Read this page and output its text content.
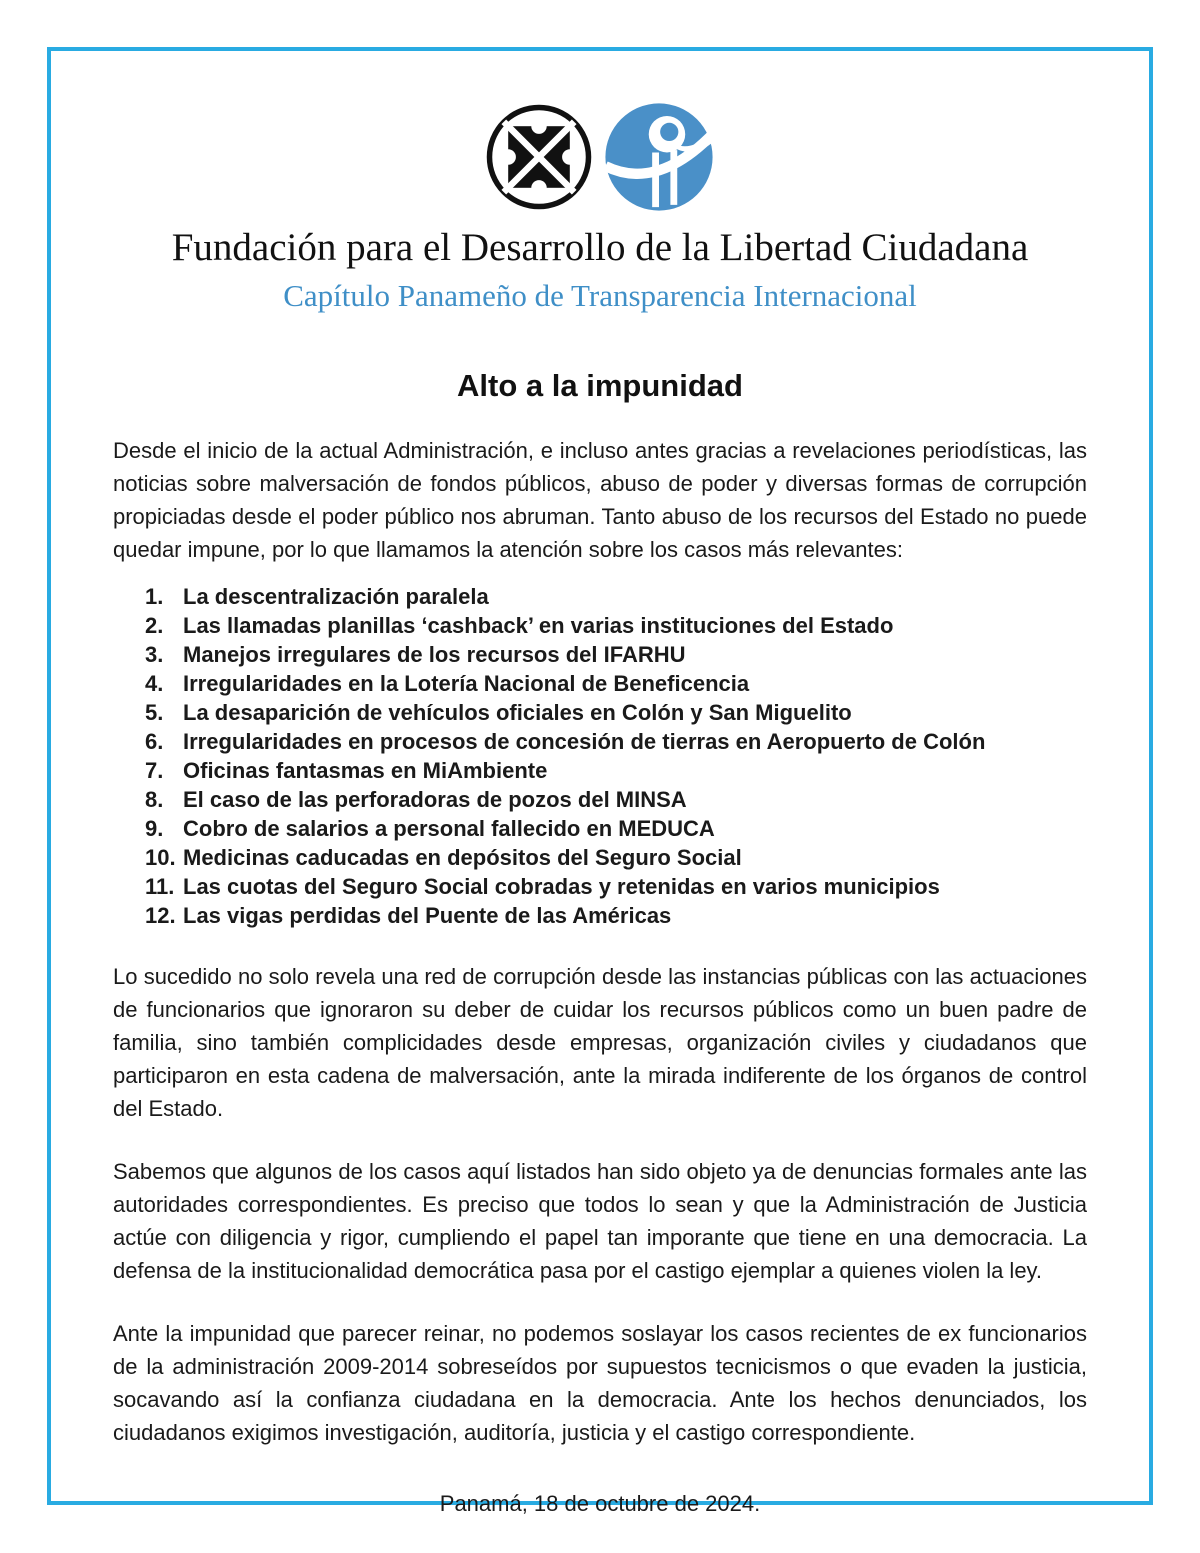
Fundación para el Desarrollo de la Libertad Ciudadana
Capítulo Panameño de Transparencia Internacional
Alto a la impunidad

Desde el inicio de la actual Administración, e incluso antes gracias a revelaciones periodísticas, las noticias sobre malversación de fondos públicos, abuso de poder y diversas formas de corrupción propiciadas desde el poder público nos abruman. Tanto abuso de los recursos del Estado no puede quedar impune, por lo que llamamos la atención sobre los casos más relevantes:

1. La descentralización paralela
2. Las llamadas planillas ‘cashback’ en varias instituciones del Estado
3. Manejos irregulares de los recursos del IFARHU
4. Irregularidades en la Lotería Nacional de Beneficencia
5. La desaparición de vehículos oficiales en Colón y San Miguelito
6. Irregularidades en procesos de concesión de tierras en Aeropuerto de Colón
7. Oficinas fantasmas en MiAmbiente
8. El caso de las perforadoras de pozos del MINSA
9. Cobro de salarios a personal fallecido en MEDUCA
10. Medicinas caducadas en depósitos del Seguro Social
11. Las cuotas del Seguro Social cobradas y retenidas en varios municipios
12. Las vigas perdidas del Puente de las Américas

Lo sucedido no solo revela una red de corrupción desde las instancias públicas con las actuaciones de funcionarios que ignoraron su deber de cuidar los recursos públicos como un buen padre de familia, sino también complicidades desde empresas, organización civiles y ciudadanos que participaron en esta cadena de malversación, ante la mirada indiferente de los órganos de control del Estado.

Sabemos que algunos de los casos aquí listados han sido objeto ya de denuncias formales ante las autoridades correspondientes. Es preciso que todos lo sean y que la Administración de Justicia actúe con diligencia y rigor, cumpliendo el papel tan imporante que tiene en una democracia. La defensa de la institucionalidad democrática pasa por el castigo ejemplar a quienes violen la ley.

Ante la impunidad que parecer reinar, no podemos soslayar los casos recientes de ex funcionarios de la administración 2009-2014 sobreseídos por supuestos tecnicismos o que evaden la justicia, socavando así la confianza ciudadana en la democracia. Ante los hechos denunciados, los ciudadanos exigimos investigación, auditoría, justicia y el castigo correspondiente.

Panamá, 18 de octubre de 2024.
